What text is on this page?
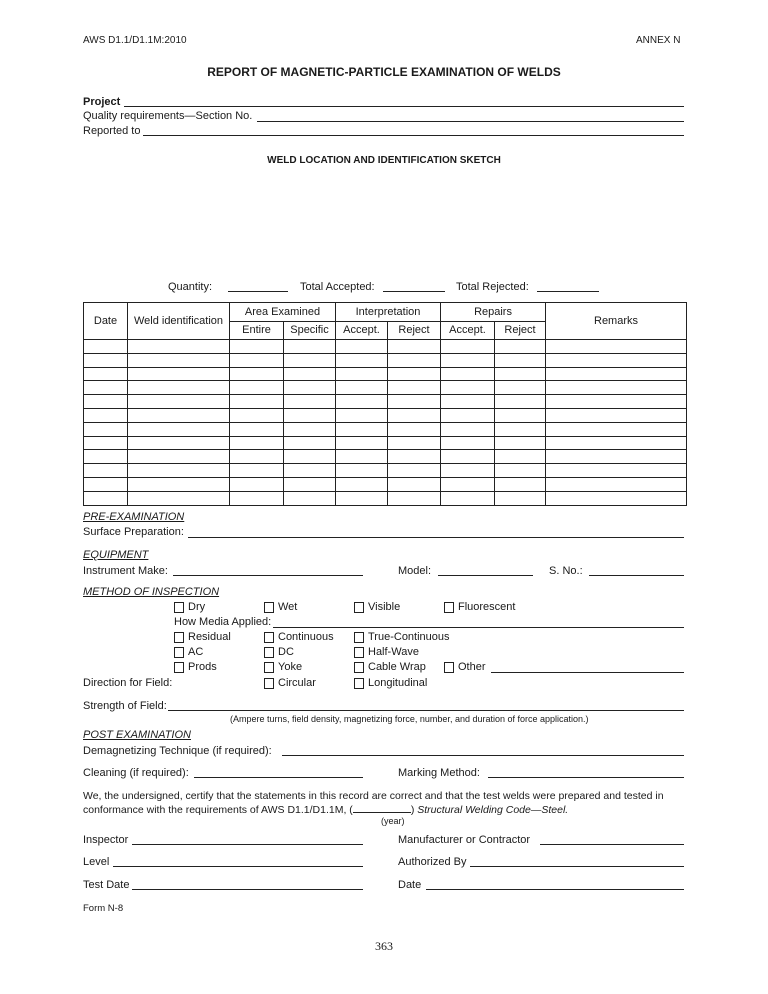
AWS D1.1/D1.1M:2010	ANNEX N
REPORT OF MAGNETIC-PARTICLE EXAMINATION OF WELDS
Project
Quality requirements—Section No.
Reported to
WELD LOCATION AND IDENTIFICATION SKETCH
Quantity:	Total Accepted:	Total Rejected:
Date	Weld identification	Area Examined		Interpretation		Repairs		Remarks
		Entire	Specific	Accept.	Reject	Accept.	Reject	

PRE-EXAMINATION
Surface Preparation:
EQUIPMENT
Instrument Make:	Model:	S. No.:
METHOD OF INSPECTION
Dry	Wet	Visible	Fluorescent
How Media Applied:
Residual	Continuous	True-Continuous
AC	DC	Half-Wave
Prods	Yoke	Cable Wrap	Other
Direction for Field:	Circular	Longitudinal
Strength of Field:
(Ampere turns, field density, magnetizing force, number, and duration of force application.)
POST EXAMINATION
Demagnetizing Technique (if required):
Cleaning (if required):	Marking Method:
We, the undersigned, certify that the statements in this record are correct and that the test welds were prepared and tested in
conformance with the requirements of AWS D1.1/D1.1M, (	) Structural Welding Code—Steel.
(year)
Inspector	Manufacturer or Contractor
Level	Authorized By
Test Date	Date
Form N-8
363
